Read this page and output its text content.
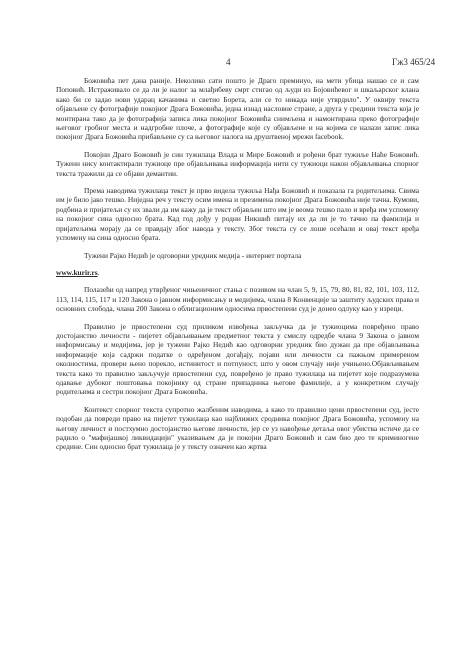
4	Гж3 465/24

Божовића пет дана раније. Неколико сати пошто је Драго преминуо, на мети убица нашао се и сам Поповић. Истраживало се да ли је налог за млађибеву смрт стигао од људи из Бојовићевог и шкаљарског клана како би се задао нови ударац качанима и светио Борета, али се то никада није утврдило". У оквиру текста објављене су фотографије покојног Драга Божовића, једна изнад насловне стране, а друга у средини текста која је монтирана тако да је фотографија записа лика покојног Божовића снимљена и намонтирана преко фотографије његовог гробног места и надгробне плоче, а фотографије које су објављене и на којима се налази запис лика покојног Драга Божовића прибављене су са његовог налога на друштвеној мрежи facebook.

Покојни Драго Божовић је син тужилаца Влада и Мире Божовић и рођени брат тужиље Наће Божовић. Тужени нису контактирали тужиоце пре објављивања информација нити су тужиоци након објављивања спорног текста тражили да се објави демантии.

Према наводима тужилаца текст је прво видела тужиља Нађа Божовић и показала га родитељима. Свима им је било јако тешко. Ниједна реч у тексту осим имена и презимена покојног Драга Божовића није тачна. Кумови, родбина и пријатељи су их звали да им кажу да је текст објављен што им је веома тешко пало и вређа им успомену на покојног сина односно брата. Кад год дођу у родни Никшић питају их да ли је то тачно па фамилија и пријатељима морају да се правдају због навода у тексту. Због текста су се лоше осећали и овај текст вређа успомену на сина односно брата.

Тужени Рајко Недић је одговорни уредник медија - интернет портала

www.kurir.rs.

Полазећи од напред утврђеног чињеничног стања с позивом на члан 5, 9, 15, 79, 80, 81, 82, 101, 103, 112, 113, 114, 115, 117 и 120 Закона о јавном информисању и медијима, члана 8 Конвенције за заштиту људских права и основних слобода, члана 200 Закона о облигационим односима првостепени суд је донео одлуку као у изреци.

Правилно је првостепени суд приликом извођења закључка да је тужиоцима повређено право достојанство личности - пијетет објављивањем предметног текста у смислу одредбе члана 9 Закона о јавном информисању и медијима, јер је тужени Рајко Недић као одговорни уредник био дужан да пре објављивања информације која садржи податке о одређеном догађају, појави или личности са пажњом примереном околностима, провери њено порекло, истинитост и потпуност, што у овом случају није учињено.Објављивањем текста како то правилно закључује првостепени суд, повређено је право тужилаца на пијетет које подразумева одавање дубоког поштовања покојнику од стране припадника његове фамилије, а у конкретном случају родитељима и сестри покојног Драга Божовића.

Контекст спорног текста супротно жалбеним наводима, а како то правилно цени првостепени суд, јесте подобан да повреди право на пијетет тужилаца као најближих сродника покојног Драга Божовића, успомену на његову личност и постхумно достојанство његове личности, јер се уз навођење детаља овог убиства истиче да се радило о "мафијашкој ликвидацији" указивањем да је покојни Драго Божовић и сам био део те криминогене средине. Син односно брат тужилаца је у тексту означен као жртва
